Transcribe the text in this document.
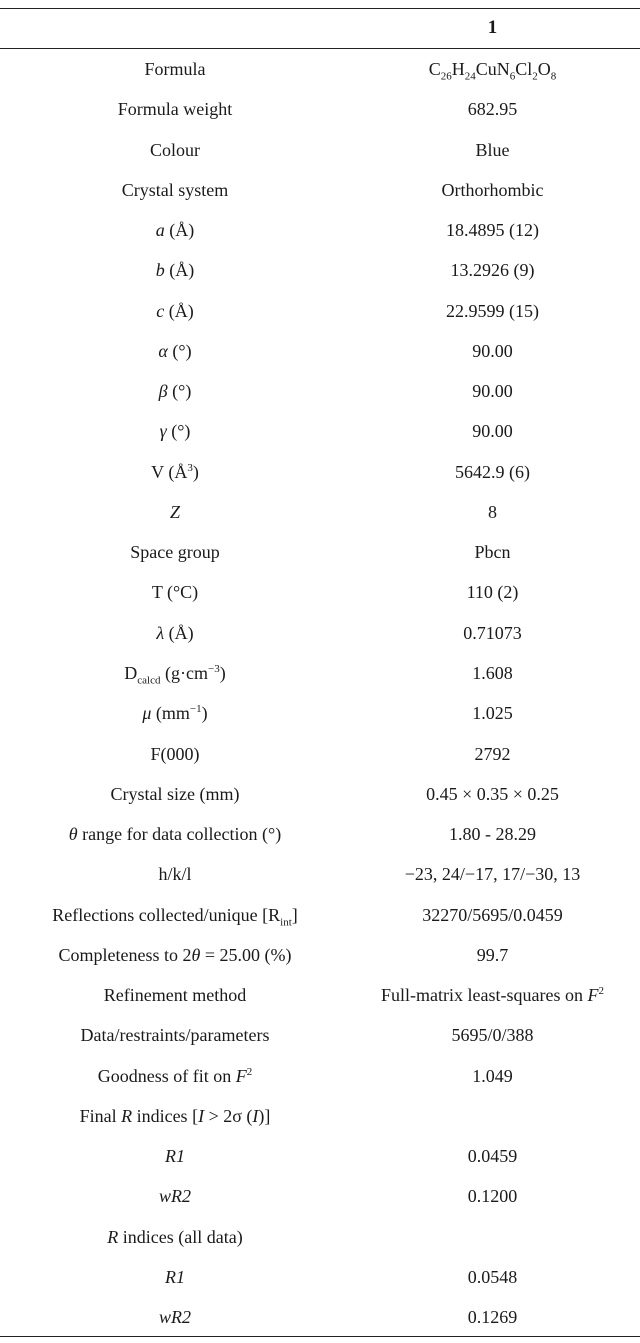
1
Formula	$C_{26}H_{24}CuN_6Cl_2O_8$
Formula weight	682.95
Colour	Blue
Crystal system	Orthorhombic
a (Å)	18.4895 (12)
b (Å)	13.2926 (9)
c (Å)	22.9599 (15)
α (°)	90.00
β (°)	90.00
γ (°)	90.00
V $(Å^3)$	5642.9 (6)
Z	8
Space group	Pbcn
T (°C)	110 (2)
λ (Å)	0.71073
$D_{calcd}$ $(g\cdot cm^{-3})$	1.608
μ $(mm^{-1})$	1.025
F(000)	2792
Crystal size (mm)	0.45 × 0.35 × 0.25
θ range for data collection (°)	1.80 - 28.29
h/k/l	−23, 24/−17, 17/−30, 13
Reflections collected/unique $[R_{int}]$	32270/5695/0.0459
Completeness to 2θ = 25.00 (%)	99.7
Refinement method	Full-matrix least-squares on $F^2$
Data/restraints/parameters	5695/0/388
Goodness of fit on $F^2$	1.049
Final R indices [I > 2σ (I)]
R1	0.0459
wR2	0.1200
R indices (all data)
R1	0.0548
wR2	0.1269
